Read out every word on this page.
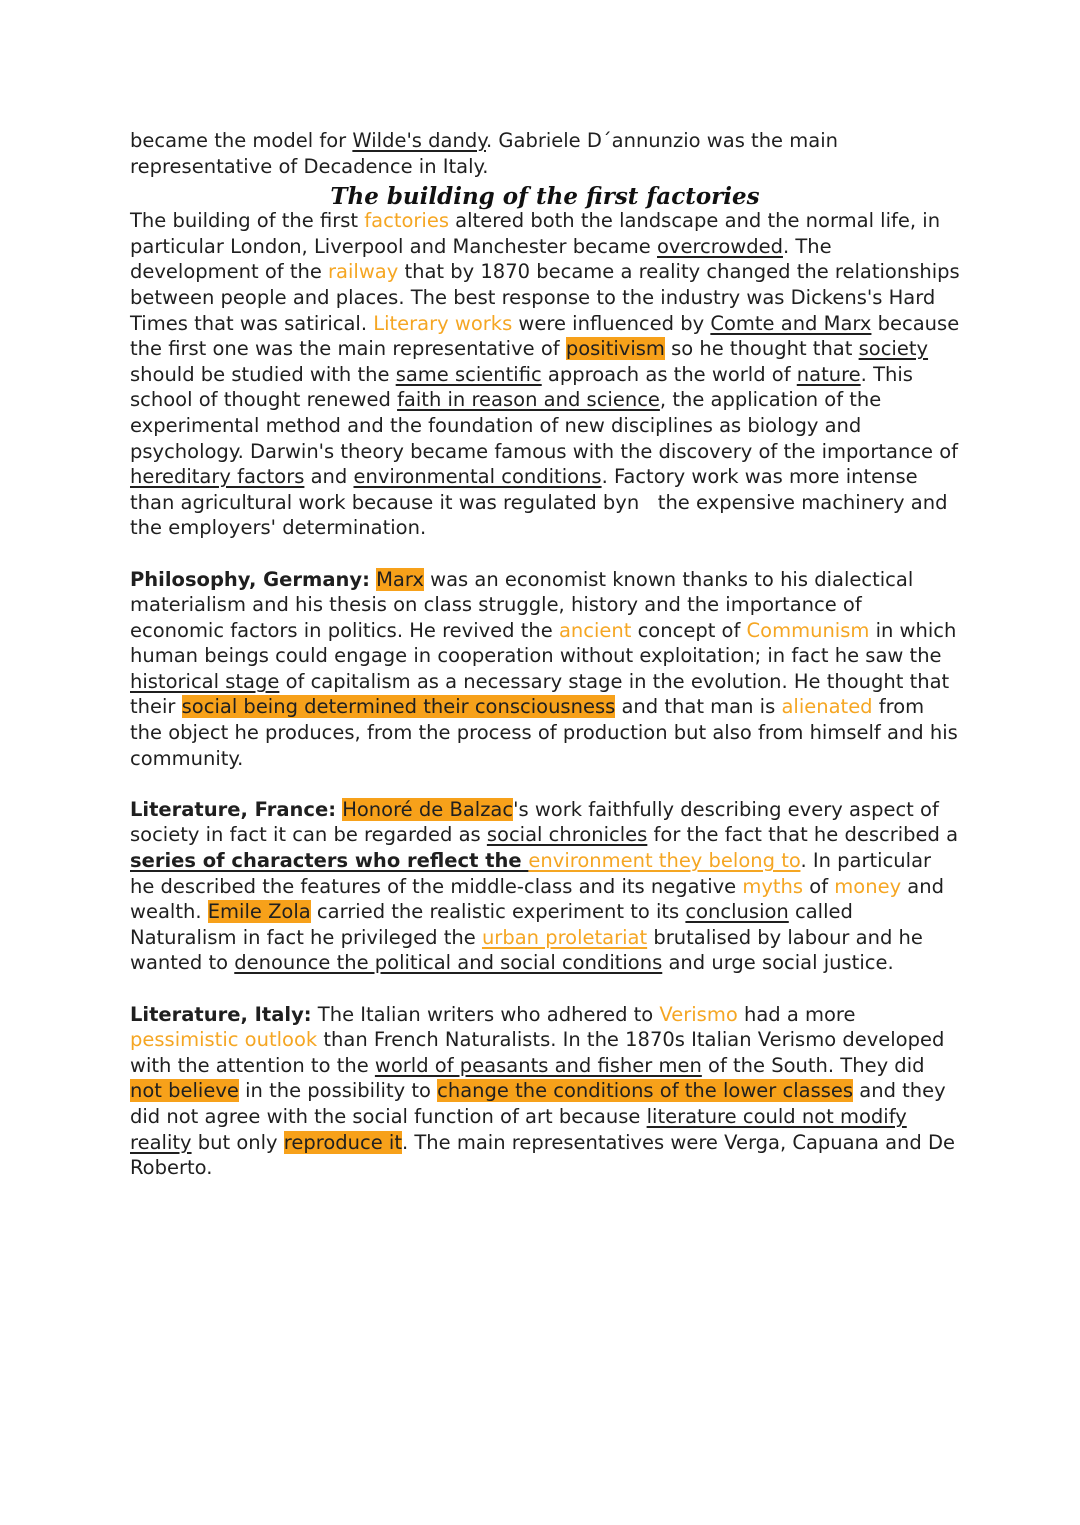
became the model for Wilde's dandy. Gabriele D´annunzio was the main representative of Decadence in Italy.

The building of the first factories

The building of the first factories altered both the landscape and the normal life, in particular London, Liverpool and Manchester became overcrowded. The development of the railway that by 1870 became a reality changed the relationships between people and places. The best response to the industry was Dickens's Hard Times that was satirical. Literary works were influenced by Comte and Marx because the first one was the main representative of positivism so he thought that society should be studied with the same scientific approach as the world of nature. This school of thought renewed faith in reason and science, the application of the experimental method and the foundation of new disciplines as biology and psychology. Darwin's theory became famous with the discovery of the importance of hereditary factors and environmental conditions. Factory work was more intense than agricultural work because it was regulated byn   the expensive machinery and the employers' determination.

Philosophy, Germany: Marx was an economist known thanks to his dialectical materialism and his thesis on class struggle, history and the importance of economic factors in politics. He revived the ancient concept of Communism in which human beings could engage in cooperation without exploitation; in fact he saw the historical stage of capitalism as a necessary stage in the evolution. He thought that their social being determined their consciousness and that man is alienated from the object he produces, from the process of production but also from himself and his community.

Literature, France: Honoré de Balzac's work faithfully describing every aspect of society in fact it can be regarded as social chronicles for the fact that he described a series of characters who reflect the environment they belong to. In particular he described the features of the middle-class and its negative myths of money and wealth. Emile Zola carried the realistic experiment to its conclusion called Naturalism in fact he privileged the urban proletariat brutalised by labour and he wanted to denounce the political and social conditions and urge social justice.

Literature, Italy: The Italian writers who adhered to Verismo had a more pessimistic outlook than French Naturalists. In the 1870s Italian Verismo developed with the attention to the world of peasants and fisher men of the South. They did not believe in the possibility to change the conditions of the lower classes and they did not agree with the social function of art because literature could not modify reality but only reproduce it. The main representatives were Verga, Capuana and De Roberto.
